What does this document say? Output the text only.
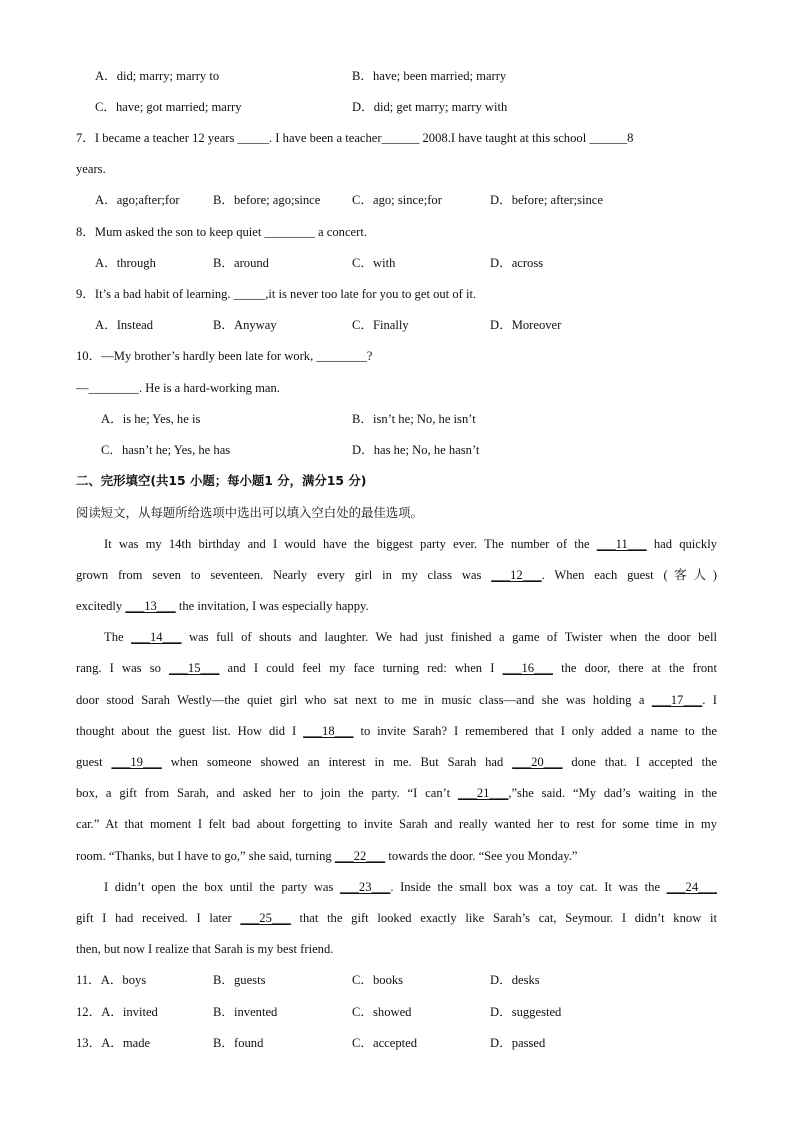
A．did; marry; marry to	B．have; been married; marry
C．have; got married; marry	D．did; get marry; marry with
7．I became a teacher 12 years _____. I have been a teacher______ 2008.I have taught at this school ______8
years.
A．ago;after;for	B．before; ago;since	C．ago; since;for	D．before; after;since
8．Mum asked the son to keep quiet ________ a concert.
A．through	B．around	C．with	D．across
9．It’s a bad habit of learning. _____,it is never too late for you to get out of it.
A．Instead	B．Anyway	C．Finally	D．Moreover
10．—My brother’s hardly been late for work, ________?
—________. He is a hard-working man.
A．is he; Yes, he is	B．isn’t he; No, he isn’t
C．hasn’t he; Yes, he has	D．has he; No, he hasn’t
二、完形填空(共15 小题；每小题1 分，满分15 分)
阅读短文，从每题所给选项中选出可以填入空白处的最佳选项。
It was my 14th birthday and I would have the biggest party ever. The number of the ___11___ had quickly
grown from seven to seventeen. Nearly every girl in my class was ___12___. When each guest (客人)
excitedly ___13___ the invitation, I was especially happy.
The ___14___ was full of shouts and laughter. We had just finished a game of Twister when the door bell
rang. I was so ___15___ and I could feel my face turning red: when I ___16___ the door, there at the front
door stood Sarah Westly—the quiet girl who sat next to me in music class—and she was holding a ___17___. I
thought about the guest list. How did I ___18___ to invite Sarah? I remembered that I only added a name to the
guest ___19___ when someone showed an interest in me. But Sarah had ___20___ done that. I accepted the
box, a gift from Sarah, and asked her to join the party. “I can’t ___21___,”she said. “My dad’s waiting in the
car.” At that moment I felt bad about forgetting to invite Sarah and really wanted her to rest for some time in my
room. “Thanks, but I have to go,” she said, turning ___22___ towards the door. “See you Monday.”
I didn’t open the box until the party was ___23___. Inside the small box was a toy cat. It was the ___24___
gift I had received. I later ___25___ that the gift looked exactly like Sarah’s cat, Seymour. I didn’t know it
then, but now I realize that Sarah is my best friend.
11．A．boys	B．guests	C．books	D．desks
12．A．invited	B．invented	C．showed	D．suggested
13．A．made	B．found	C．accepted	D．passed
